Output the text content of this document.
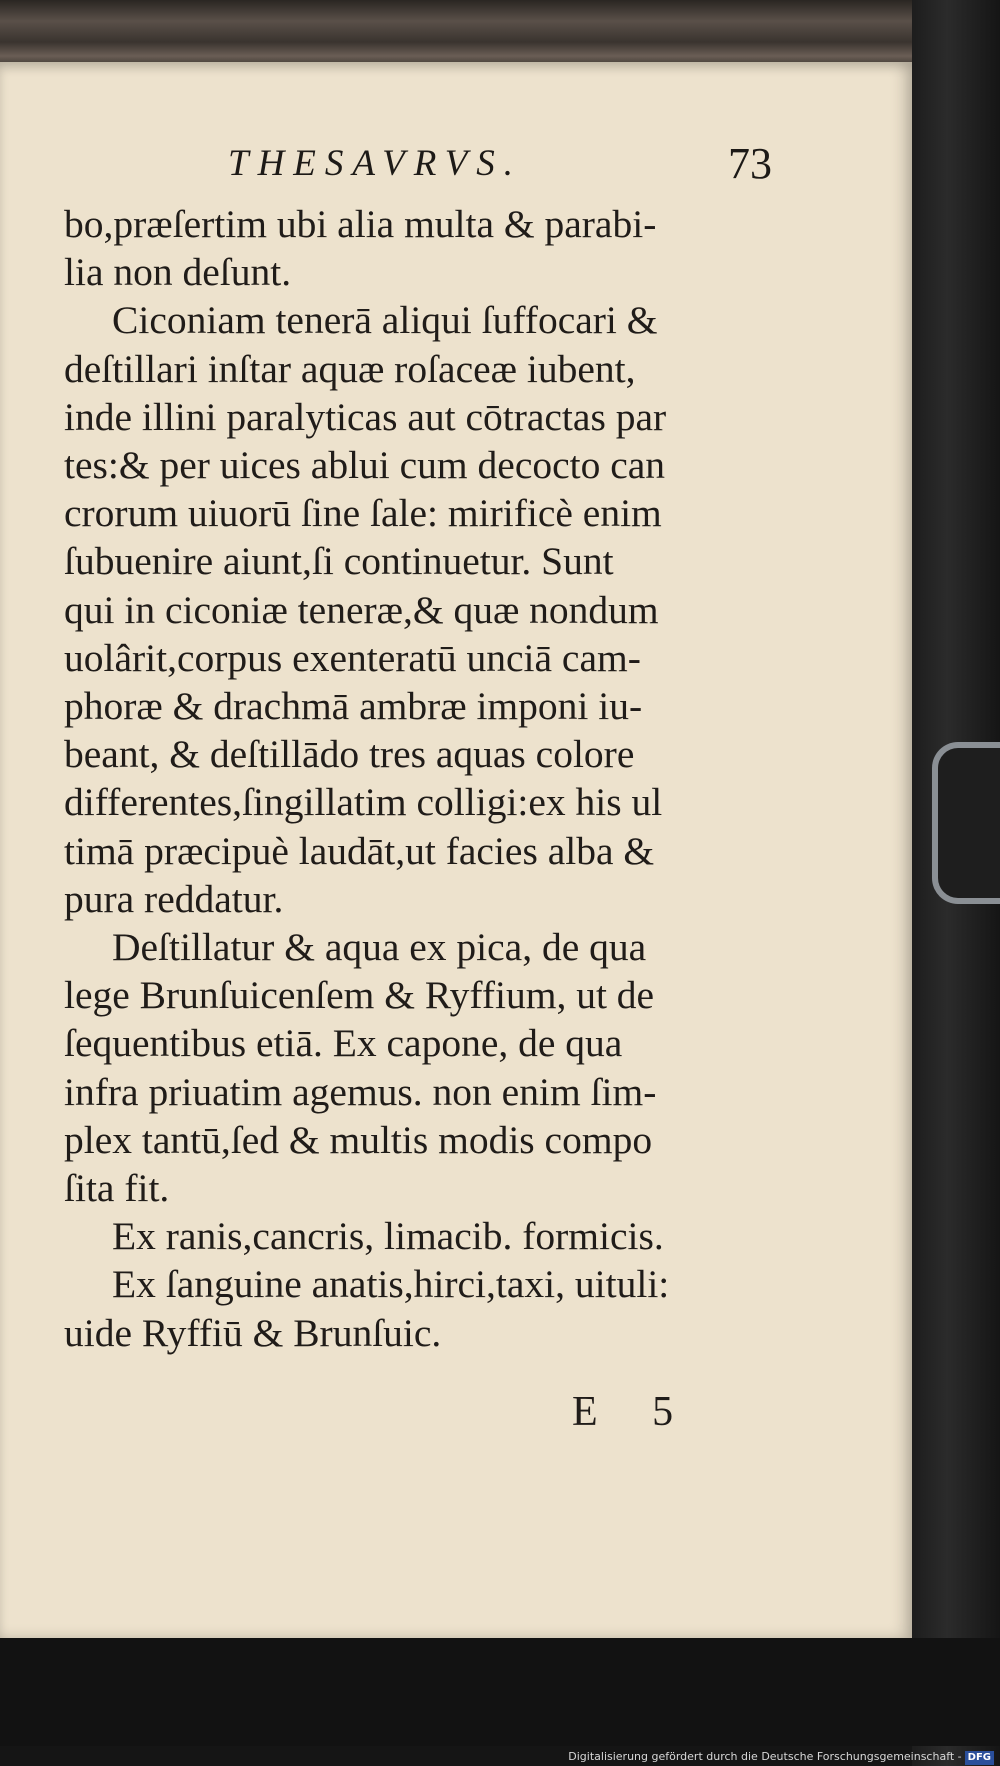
THESAVRVS.	73
bo,præſertim ubi alia multa & parabi-
lia non deſunt.
Ciconiam tenerā aliqui ſuffocari &
deſtillari inſtar aquæ roſaceæ iubent,
inde illini paralyticas aut cōtractas par
tes:& per uices ablui cum decocto can
crorum uiuorū ſine ſale: mirificè enim
ſubuenire aiunt,ſi continuetur. Sunt
qui in ciconiæ teneræ,& quæ nondum
uolârit,corpus exenteratū unciā cam-
phoræ & drachmā ambræ imponi iu-
beant, & deſtillādo tres aquas colore
differentes,ſingillatim colligi:ex his ul
timā præcipuè laudāt,ut facies alba &
pura reddatur.
Deſtillatur & aqua ex pica, de qua
lege Brunſuicenſem & Ryffium, ut de
ſequentibus etiā. Ex capone, de qua
infra priuatim agemus. non enim ſim-
plex tantū,ſed & multis modis compo
ſita fit.
Ex ranis,cancris, limacib. formicis.
Ex ſanguine anatis,hirci,taxi, uituli:
uide Ryffiū & Brunſuic.
E 5
Digitalisierung gefördert durch die Deutsche Forschungsgemeinschaft - DFG
